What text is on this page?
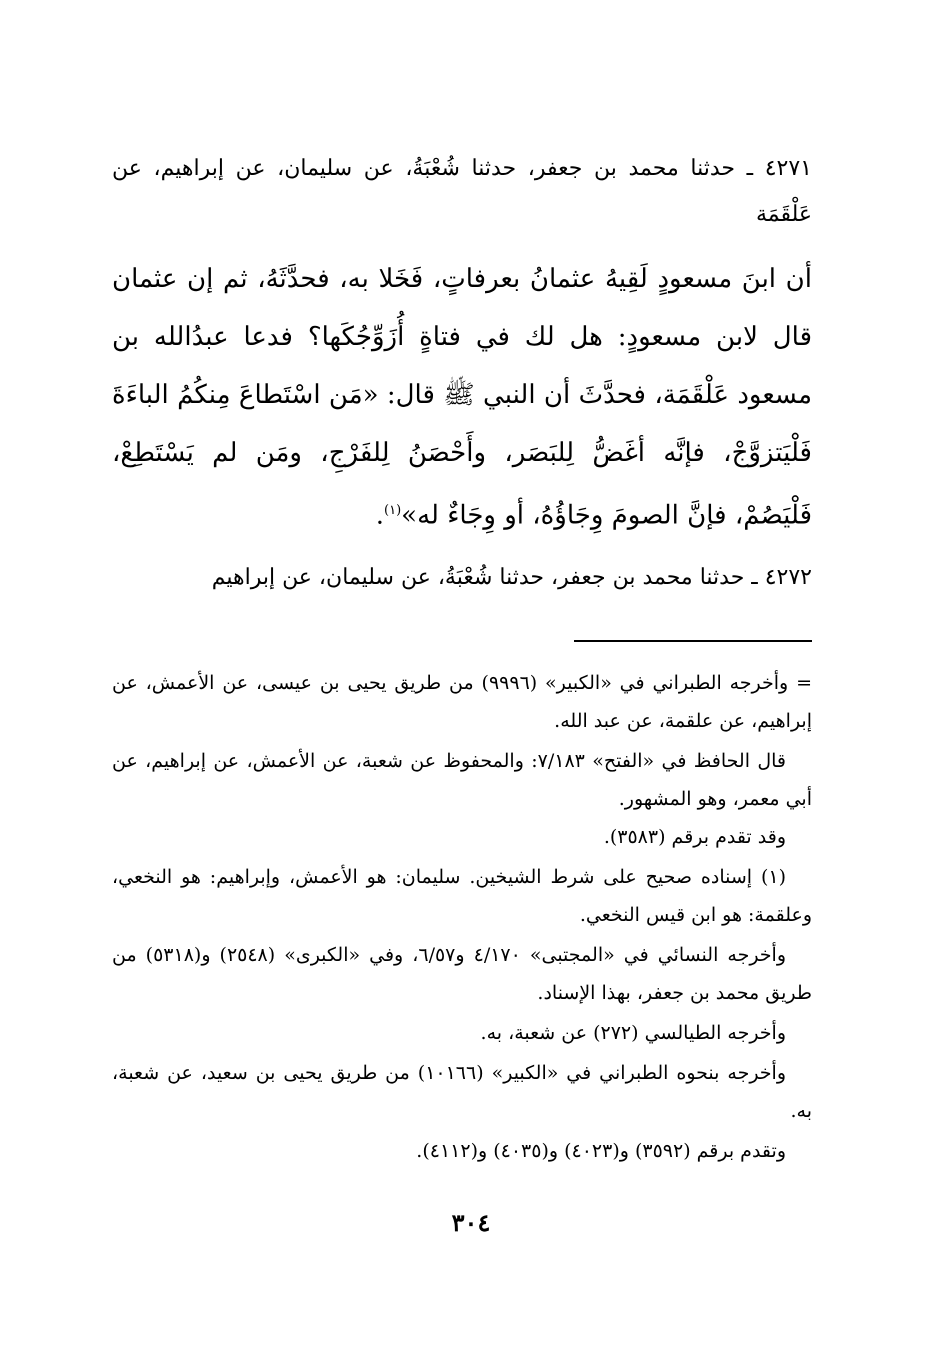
٤٢٧١ ـ حدثنا محمد بن جعفر، حدثنا شُعْبَةُ، عن سليمان، عن إبراهيم، عن عَلْقَمَة

أن ابنَ مسعودٍ لَقِيهُ عثمانُ بعرفاتٍ، فَخَلا به، فحدَّثَهُ، ثم إن عثمان قال لابن مسعودٍ: هل لك في فتاةٍ أُزَوِّجُكَها؟ فدعا عبدُالله بن مسعود عَلْقَمَة، فحدَّثَ أن النبي ﷺ قال: «مَن اسْتَطاعَ مِنكُمُ الباءَةَ فَلْيَتزوَّجْ، فإنَّه أغَضُّ لِلبَصَر، وأَحْصَنُ لِلفَرْجِ، ومَن لم يَسْتَطِعْ، فَلْيَصُمْ، فإنَّ الصومَ وِجَاؤُهُ، أو وِجَاءٌ له»$^{(١)}$.

٤٢٧٢ ـ حدثنا محمد بن جعفر، حدثنا شُعْبَةُ، عن سليمان، عن إبراهيم

= وأخرجه الطبراني في «الكبير» (٩٩٩٦) من طريق يحيى بن عيسى، عن الأعمش، عن إبراهيم، عن علقمة، عن عبد الله.

قال الحافظ في «الفتح» ٧/١٨٣: والمحفوظ عن شعبة، عن الأعمش، عن إبراهيم، عن أبي معمر، وهو المشهور.

وقد تقدم برقم (٣٥٨٣).

(١) إسناده صحيح على شرط الشيخين. سليمان: هو الأعمش، وإبراهيم: هو النخعي، وعلقمة: هو ابن قيس النخعي.

وأخرجه النسائي في «المجتبى» ٤/١٧٠ و٦/٥٧، وفي «الكبرى» (٢٥٤٨) و(٥٣١٨) من طريق محمد بن جعفر، بهذا الإسناد.

وأخرجه الطيالسي (٢٧٢) عن شعبة، به.

وأخرجه بنحوه الطبراني في «الكبير» (١٠١٦٦) من طريق يحيى بن سعيد، عن شعبة، به.

وتقدم برقم (٣٥٩٢) و(٤٠٢٣) و(٤٠٣٥) و(٤١١٢).

٣٠٤
